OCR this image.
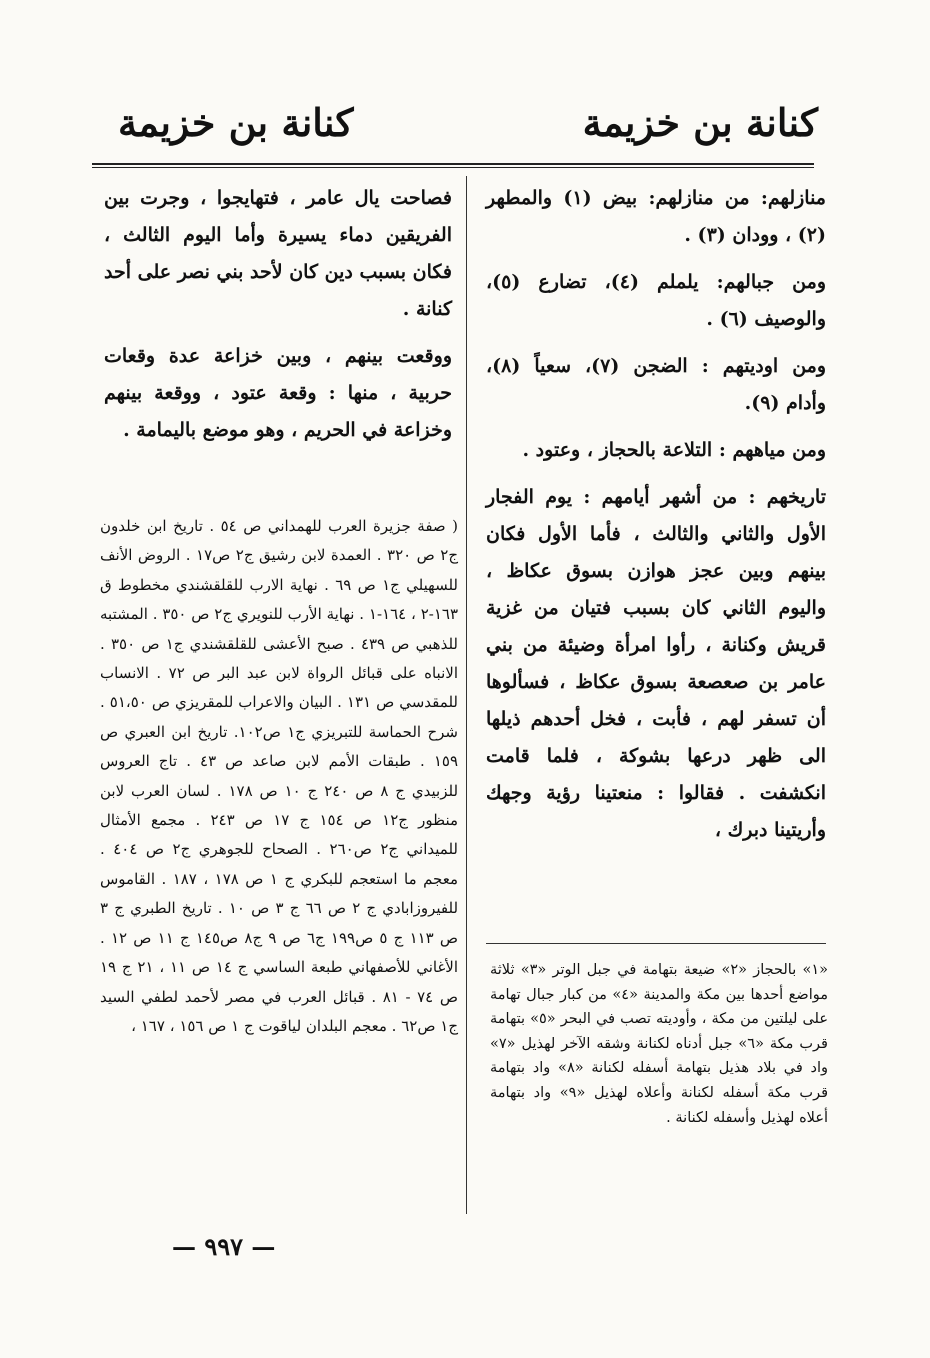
كنانة بن خزيمة
كنانة بن خزيمة

منازلهم: من منازلهم: بيض (١) والمطهر (٢) ، وودان (٣) .

ومن جبالهم: يلملم (٤)، تضارع (٥)، والوصيف (٦) .

ومن اوديتهم : الضجن (٧)، سعياً (٨)، وأدام (٩).

ومن مياههم : التلاعة بالحجاز ، وعتود .

تاريخهم : من أشهر أيامهم : يوم الفجار الأول والثاني والثالث ، فأما الأول فكان بينهم وبين عجز هوازن بسوق عكاظ ، واليوم الثاني كان بسبب فتيان من غزية قريش وكنانة ، رأوا امرأة وضيئة من بني عامر بن صعصعة بسوق عكاظ ، فسألوها أن تسفر لهم ، فأبت ، فخل أحدهم ذيلها الى ظهر درعها بشوكة ، فلما قامت انكشفت . فقالوا : منعتينا رؤية وجهك وأريتينا دبرك ،

فصاحت يال عامر ، فتهايجوا ، وجرت بين الفريقين دماء يسيرة وأما اليوم الثالث ، فكان بسبب دين كان لأحد بني نصر على أحد كنانة .

ووقعت بينهم ، وبين خزاعة عدة وقعات حربية ، منها : وقعة عتود ، ووقعة بينهم وخزاعة في الحريم ، وهو موضع باليمامة .

( صفة جزيرة العرب للهمداني ص ٥٤ . تاريخ ابن خلدون ج٢ ص ٣٢٠ . العمدة لابن رشيق ج٢ ص١٧ . الروض الأنف للسهيلي ج١ ص ٦٩ . نهاية الارب للقلقشندي مخطوط ق ١٦٣-٢ ، ١٦٤-١ . نهاية الأرب للنويري ج٢ ص ٣٥٠ . المشتبه للذهبي ص ٤٣٩ . صبح الأعشى للقلقشندي ج١ ص ٣٥٠ . الانباه على قبائل الرواة لابن عبد البر ص ٧٢ . الانساب للمقدسي ص ١٣١ . البيان والاعراب للمقريزي ص ٥١،٥٠ . شرح الحماسة للتبريزي ج١ ص١٠٢. تاريخ ابن العبري ص ١٥٩ . طبقات الأمم لابن صاعد ص ٤٣ . تاج العروس للزبيدي ج ٨ ص ٢٤٠ ج ١٠ ص ١٧٨ . لسان العرب لابن منظور ج١٢ ص ١٥٤ ج ١٧ ص ٢٤٣ . مجمع الأمثال للميداني ج٢ ص٢٦٠ . الصحاح للجوهري ج٢ ص ٤٠٤ . معجم ما استعجم للبكري ج ١ ص ١٧٨ ، ١٨٧ . القاموس للفيروزابادي ج ٢ ص ٦٦ ج ٣ ص ١٠ . تاريخ الطبري ج ٣ ص ١١٣ ج ٥ ص١٩٩ ج٦ ص ٩ ج٨ ص١٤٥ ج ١١ ص ١٢ . الأغاني للأصفهاني طبعة الساسي ج ١٤ ص ١١ ، ٢١ ج ١٩ ص ٧٤ - ٨١ . قبائل العرب في مصر لأحمد لطفي السيد ج١ ص٦٢ . معجم البلدان لياقوت ج ١ ص ١٥٦ ، ١٦٧ ،
«١» بالحجاز «٢» ضيعة بتهامة في جبل الوتر «٣» ثلاثة مواضع أحدها بين مكة والمدينة «٤» من كبار جبال تهامة على ليلتين من مكة ، وأوديته تصب في البحر «٥» بتهامة قرب مكة «٦» جبل أدناه لكنانة وشقه الآخر لهذيل «٧» واد في بلاد هذيل بتهامة أسفله لكنانة «٨» واد بتهامة قرب مكة أسفله لكنانة وأعلاه لهذيل «٩» واد بتهامة أعلاه لهذيل وأسفله لكنانة .
— ٩٩٧ —
